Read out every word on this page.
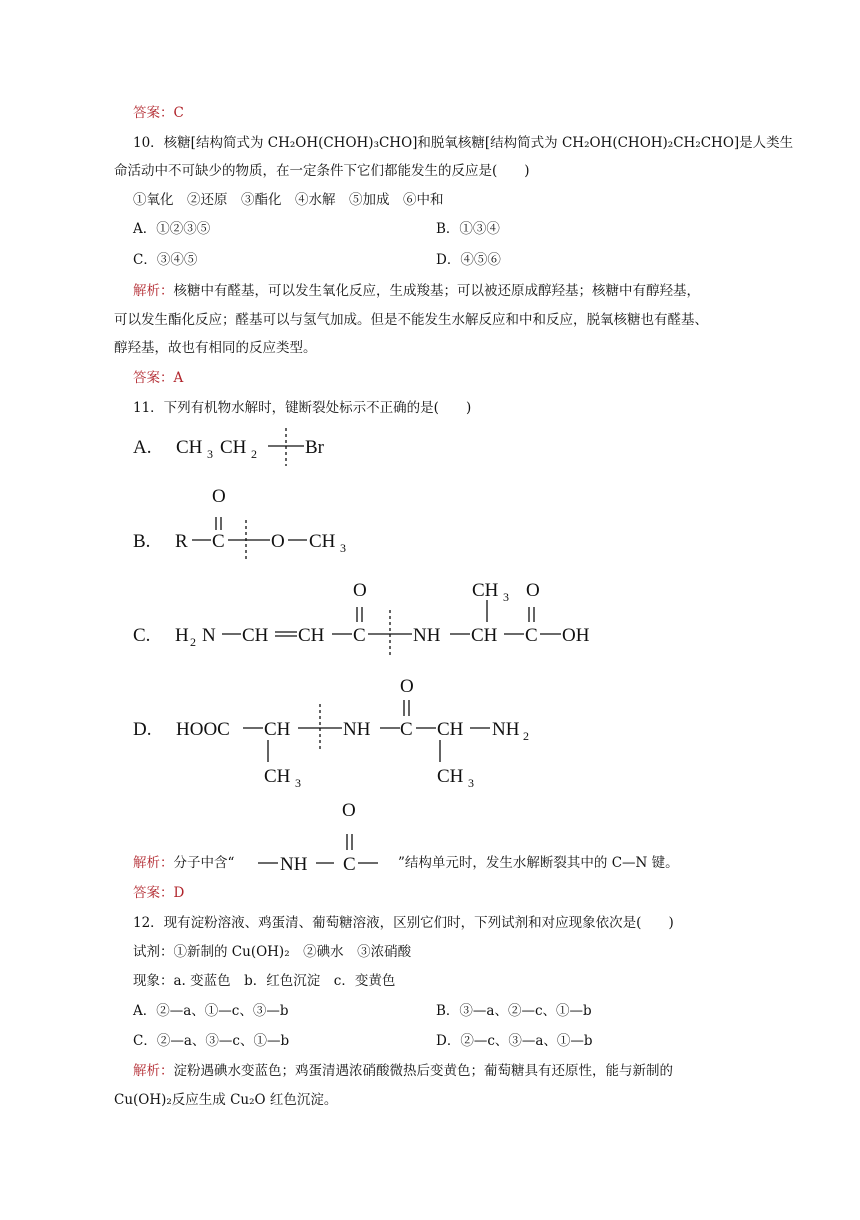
答案：C
10．核糖[结构简式为 CH₂OH(CHOH)₃CHO]和脱氧核糖[结构简式为 CH₂OH(CHOH)₂CH₂CHO]是人类生
命活动中不可缺少的物质，在一定条件下它们都能发生的反应是(　　)
①氧化　②还原　③酯化　④水解　⑤加成　⑥中和
A．①②③⑤	B．①③④
C．③④⑤	D．④⑤⑥
解析：核糖中有醛基，可以发生氧化反应，生成羧基；可以被还原成醇羟基；核糖中有醇羟基，
可以发生酯化反应；醛基可以与氢气加成。但是不能发生水解反应和中和反应，脱氧核糖也有醛基、
醇羟基，故也有相同的反应类型。
答案：A
11．下列有机物水解时，键断裂处标示不正确的是(　　)
A. CH 3 CH 2	Br
O
B. R C O CH 3
O	CH 3 O
C. H 2 N CH CH C NH CH C OH
O
D. HOOC CH	NH C CH NH 2
CH 3	CH 3
O
NH C
解析：分子中含“	”结构单元时，发生水解断裂其中的 C—N 键。
答案：D
12．现有淀粉溶液、鸡蛋清、葡萄糖溶液，区别它们时，下列试剂和对应现象依次是(　　)
试剂：①新制的 Cu(OH)₂　②碘水　③浓硝酸
现象：a. 变蓝色　b．红色沉淀　c．变黄色
A．②—a、①—c、③—b	B．③—a、②—c、①—b
C．②—a、③—c、①—b	D．②—c、③—a、①—b
解析：淀粉遇碘水变蓝色；鸡蛋清遇浓硝酸微热后变黄色；葡萄糖具有还原性，能与新制的
Cu(OH)₂反应生成 Cu₂O 红色沉淀。
